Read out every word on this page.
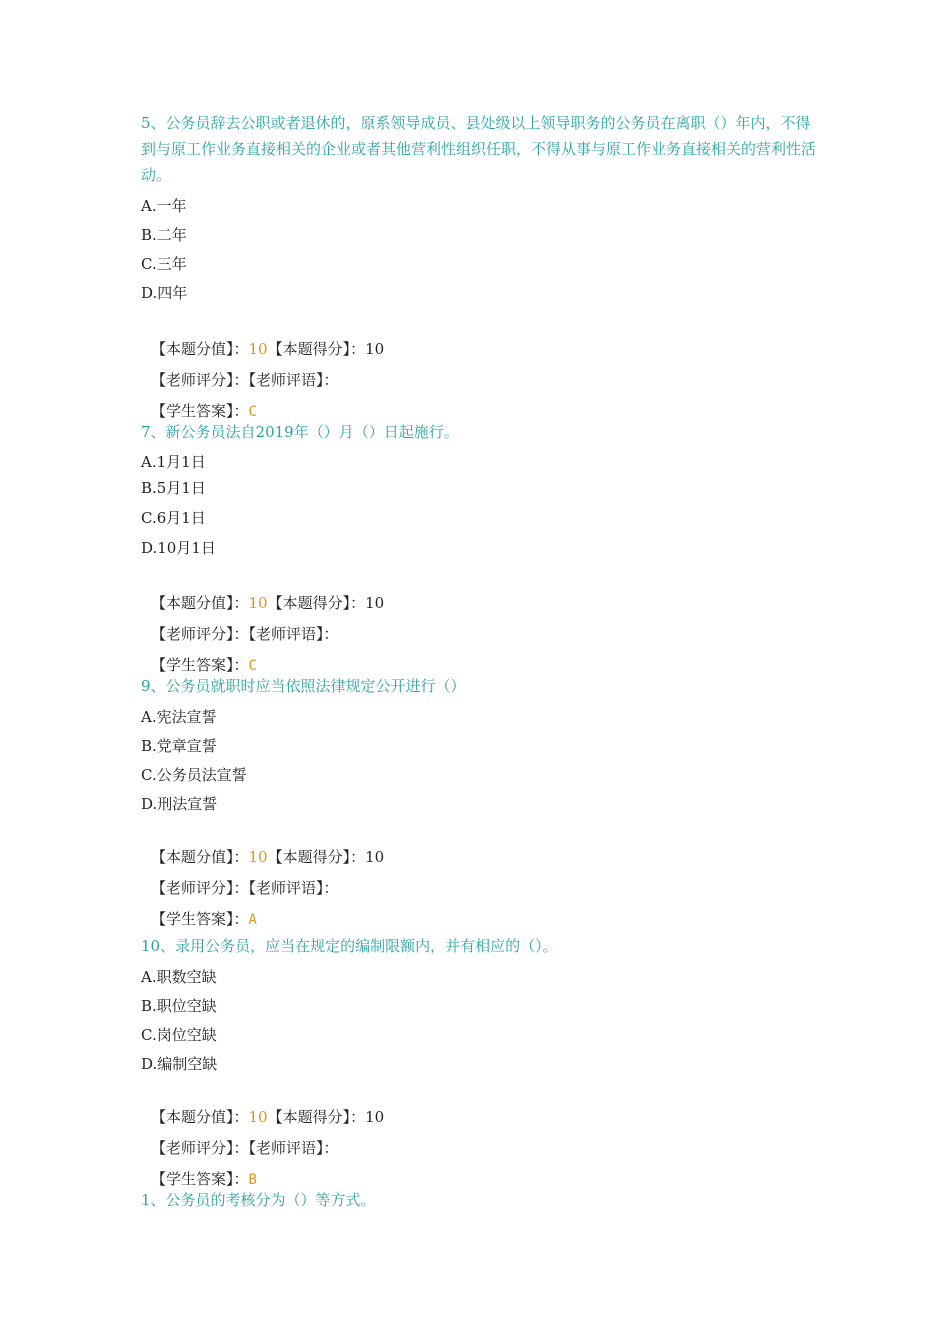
5、公务员辞去公职或者退休的，原系领导成员、县处级以上领导职务的公务员在离职（）年内，不得到与原工作业务直接相关的企业或者其他营利性组织任职，不得从事与原工作业务直接相关的营利性活动。

A.一年
B.二年
C.三年
D.四年
【本题分值】：10【本题得分】：10
【老师评分】：【老师评语】：
【学生答案】：C

7、新公务员法自2019年（）月（）日起施行。

A.1月1日
B.5月1日
C.6月1日
D.10月1日
【本题分值】：10【本题得分】：10
【老师评分】：【老师评语】：
【学生答案】：C

9、公务员就职时应当依照法律规定公开进行（）

A.宪法宣誓
B.党章宣誓
C.公务员法宣誓
D.刑法宣誓
【本题分值】：10【本题得分】：10
【老师评分】：【老师评语】：
【学生答案】：A

10、录用公务员，应当在规定的编制限额内，并有相应的（）。

A.职数空缺
B.职位空缺
C.岗位空缺
D.编制空缺
【本题分值】：10【本题得分】：10
【老师评分】：【老师评语】：
【学生答案】：B

1、公务员的考核分为（）等方式。
